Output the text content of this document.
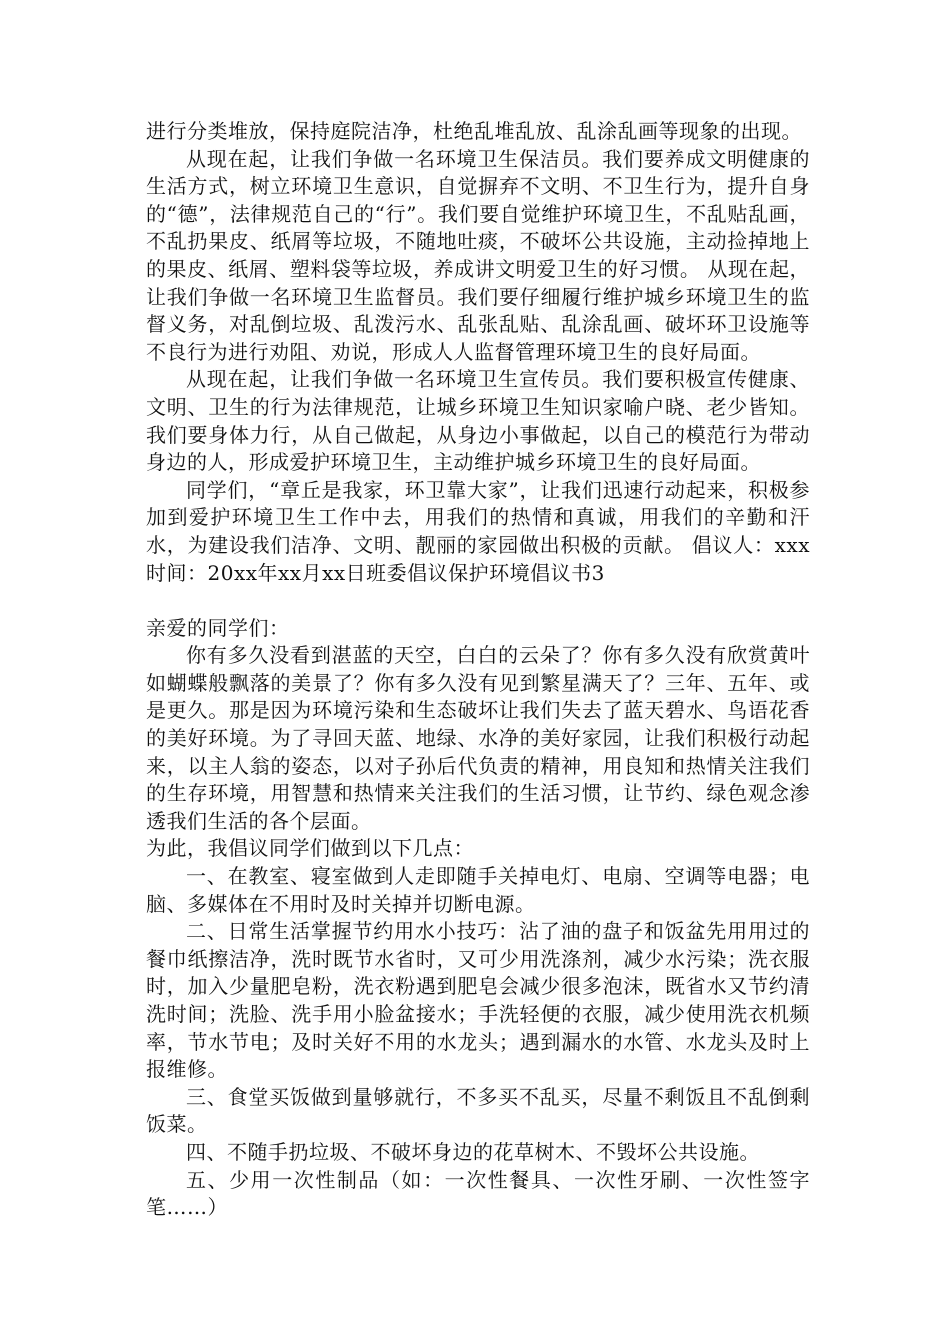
进行分类堆放，保持庭院洁净，杜绝乱堆乱放、乱涂乱画等现象的出现。

从现在起，让我们争做一名环境卫生保洁员。我们要养成文明健康的生活方式，树立环境卫生意识，自觉摒弃不文明、不卫生行为，提升自身的“德”，法律规范自己的“行”。我们要自觉维护环境卫生，不乱贴乱画，不乱扔果皮、纸屑等垃圾，不随地吐痰，不破坏公共设施，主动捡掉地上的果皮、纸屑、塑料袋等垃圾，养成讲文明爱卫生的好习惯。 从现在起，让我们争做一名环境卫生监督员。我们要仔细履行维护城乡环境卫生的监督义务，对乱倒垃圾、乱泼污水、乱张乱贴、乱涂乱画、破坏环卫设施等不良行为进行劝阻、劝说，形成人人监督管理环境卫生的良好局面。

从现在起，让我们争做一名环境卫生宣传员。我们要积极宣传健康、文明、卫生的行为法律规范，让城乡环境卫生知识家喻户晓、老少皆知。我们要身体力行，从自己做起，从身边小事做起，以自己的模范行为带动身边的人，形成爱护环境卫生，主动维护城乡环境卫生的良好局面。

同学们，“章丘是我家，环卫靠大家”，让我们迅速行动起来，积极参加到爱护环境卫生工作中去，用我们的热情和真诚，用我们的辛勤和汗水，为建设我们洁净、文明、靓丽的家园做出积极的贡献。 倡议人：xxx 时间：20xx年xx月xx日班委倡议保护环境倡议书3

亲爱的同学们：

你有多久没看到湛蓝的天空，白白的云朵了？你有多久没有欣赏黄叶如蝴蝶般飘落的美景了？你有多久没有见到繁星满天了？三年、五年、或是更久。那是因为环境污染和生态破坏让我们失去了蓝天碧水、鸟语花香的美好环境。为了寻回天蓝、地绿、水净的美好家园，让我们积极行动起来，以主人翁的姿态，以对子孙后代负责的精神，用良知和热情关注我们的生存环境，用智慧和热情来关注我们的生活习惯，让节约、绿色观念渗透我们生活的各个层面。

为此，我倡议同学们做到以下几点：

一、在教室、寝室做到人走即随手关掉电灯、电扇、空调等电器；电脑、多媒体在不用时及时关掉并切断电源。

二、日常生活掌握节约用水小技巧：沾了油的盘子和饭盆先用用过的餐巾纸擦洁净，洗时既节水省时，又可少用洗涤剂，减少水污染；洗衣服时，加入少量肥皂粉，洗衣粉遇到肥皂会减少很多泡沫，既省水又节约清洗时间；洗脸、洗手用小脸盆接水；手洗轻便的衣服，减少使用洗衣机频率，节水节电；及时关好不用的水龙头；遇到漏水的水管、水龙头及时上报维修。

三、食堂买饭做到量够就行，不多买不乱买，尽量不剩饭且不乱倒剩饭菜。

四、不随手扔垃圾、不破坏身边的花草树木、不毁坏公共设施。

五、少用一次性制品（如：一次性餐具、一次性牙刷、一次性签字笔……）
